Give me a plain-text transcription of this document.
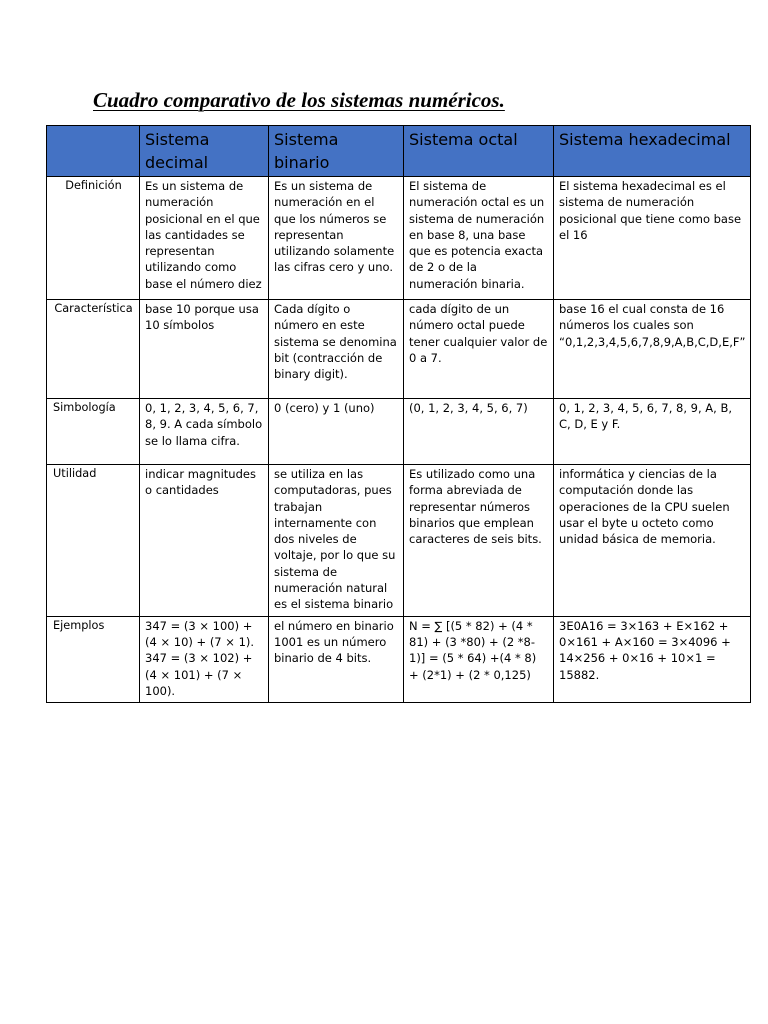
Cuadro comparativo de los sistemas numéricos.
	Sistema decimal	Sistema binario	Sistema octal	Sistema hexadecimal
Definición	Es un sistema de numeración posicional en el que las cantidades se representan utilizando como base el número diez	Es un sistema de numeración en el que los números se representan utilizando solamente las cifras cero y uno.	El sistema de numeración octal es un sistema de numeración en base 8, una base que es potencia exacta de 2 o de la numeración binaria.	El sistema hexadecimal es el sistema de numeración posicional que tiene como base el 16
Característica	base 10 porque usa 10 símbolos	Cada dígito o número en este sistema se denomina bit (contracción de binary digit).	cada dígito de un número octal puede tener cualquier valor de 0 a 7.	base 16 el cual consta de 16 números los cuales son “0,1,2,3,4,5,6,7,8,9,A,B,C,D,E,F”
Simbología	0, 1, 2, 3, 4, 5, 6, 7, 8, 9. A cada símbolo se lo llama cifra.	0 (cero) y 1 (uno)	(0, 1, 2, 3, 4, 5, 6, 7)	0, 1, 2, 3, 4, 5, 6, 7, 8, 9, A, B, C, D, E y F.
Utilidad	indicar magnitudes o cantidades	se utiliza en las computadoras, pues trabajan internamente con dos niveles de voltaje, por lo que su sistema de numeración natural es el sistema binario	Es utilizado como una forma abreviada de representar números binarios que emplean caracteres de seis bits.	informática y ciencias de la computación donde las operaciones de la CPU suelen usar el byte u octeto como unidad básica de memoria.
Ejemplos	347 = (3 × 100) + (4 × 10) + (7 × 1). 347 = (3 × 102) + (4 × 101) + (7 × 100).	el número en binario 1001 es un número binario de 4 bits.	N = ∑ [(5 * 82) + (4 * 81) + (3 *80) + (2 *8-1)] = (5 * 64) +(4 * 8) + (2*1) + (2 * 0,125)	3E0A16 = 3×163 + E×162 + 0×161 + A×160 = 3×4096 + 14×256 + 0×16 + 10×1 = 15882.
